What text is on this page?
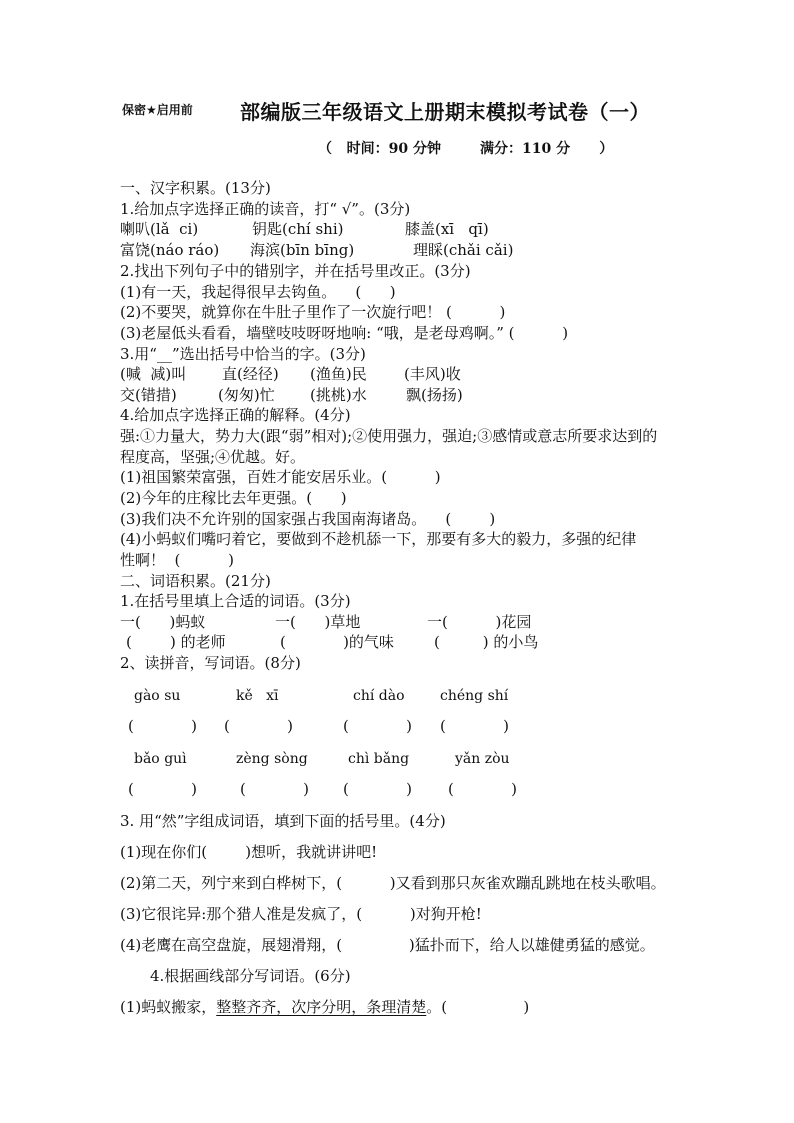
保密★启用前 部编版三年级语文上册期末模拟考试卷（一）
（   时间：90 分钟        满分：110 分      ）
一、汉字积累。(13分)
1.给加点字选择正确的读音，打“ √”。(3分)
喇叭(lǎ  ci)	钥匙(chí shi)	膝盖(xī   qī)
富饶(náo ráo) 海滨(bīn bīng)	理睬(chǎi cǎi)
2.找出下列句子中的错别字，并在括号里改正。(3分)
(1)有一天，我起得很早去钩鱼。    (      )
(2)不要哭，就算你在牛肚子里作了一次旋行吧！ (          )
(3)老屋低头看看，墙壁吱吱呀呀地响: “哦，是老母鸡啊。” (          )
3.用“__”选出括号中恰当的字。(3分)
(喊  减)叫 直(经径) (渔鱼)民 (丰风)收
交(错措)	(匆匆)忙 (挑桃)水	飘(扬扬)
4.给加点字选择正确的解释。(4分)
强:①力量大，势力大(跟“弱”相对);②使用强力，强迫;③感情或意志所要求达到的
程度高，坚强;④优越。好。
(1)祖国繁荣富强，百姓才能安居乐业。(          )
(2)今年的庄稼比去年更强。(      )
(3)我们决不允许别的国家强占我国南海诸岛。    (        )
(4)小蚂蚁们嘴叼着它，要做到不趁机舔一下，那要有多大的毅力，多强的纪律
性啊！  (          )
二、词语积累。(21分)
1.在括号里填上合适的词语。(3分)
一(      )蚂蚁	一(      )草地	一(          )花园
(        ) 的老师	(            )的气味	(         ) 的小鸟
2、读拼音，写词语。(8分)
gào su	kě   xī	chí dào	chéng shí
(            ) (            )	(            ) (            )
bǎo guì	zèng sòng	chì bǎng	yǎn zòu
(            )	(            ) (            ) (            )
3. 用“然”字组成词语，填到下面的括号里。(4分)
(1)现在你们(        )想听，我就讲讲吧!
(2)第二天，列宁来到白桦树下，(          )又看到那只灰雀欢蹦乱跳地在枝头歌唱。
(3)它很诧异:那个猎人准是发疯了，(          )对狗开枪!
(4)老鹰在高空盘旋，展翅滑翔，(              )猛扑而下，给人以雄健勇猛的感觉。
4.根据画线部分写词语。(6分)
(1)蚂蚁搬家，整整齐齐，次序分明，条理清楚。(                )
